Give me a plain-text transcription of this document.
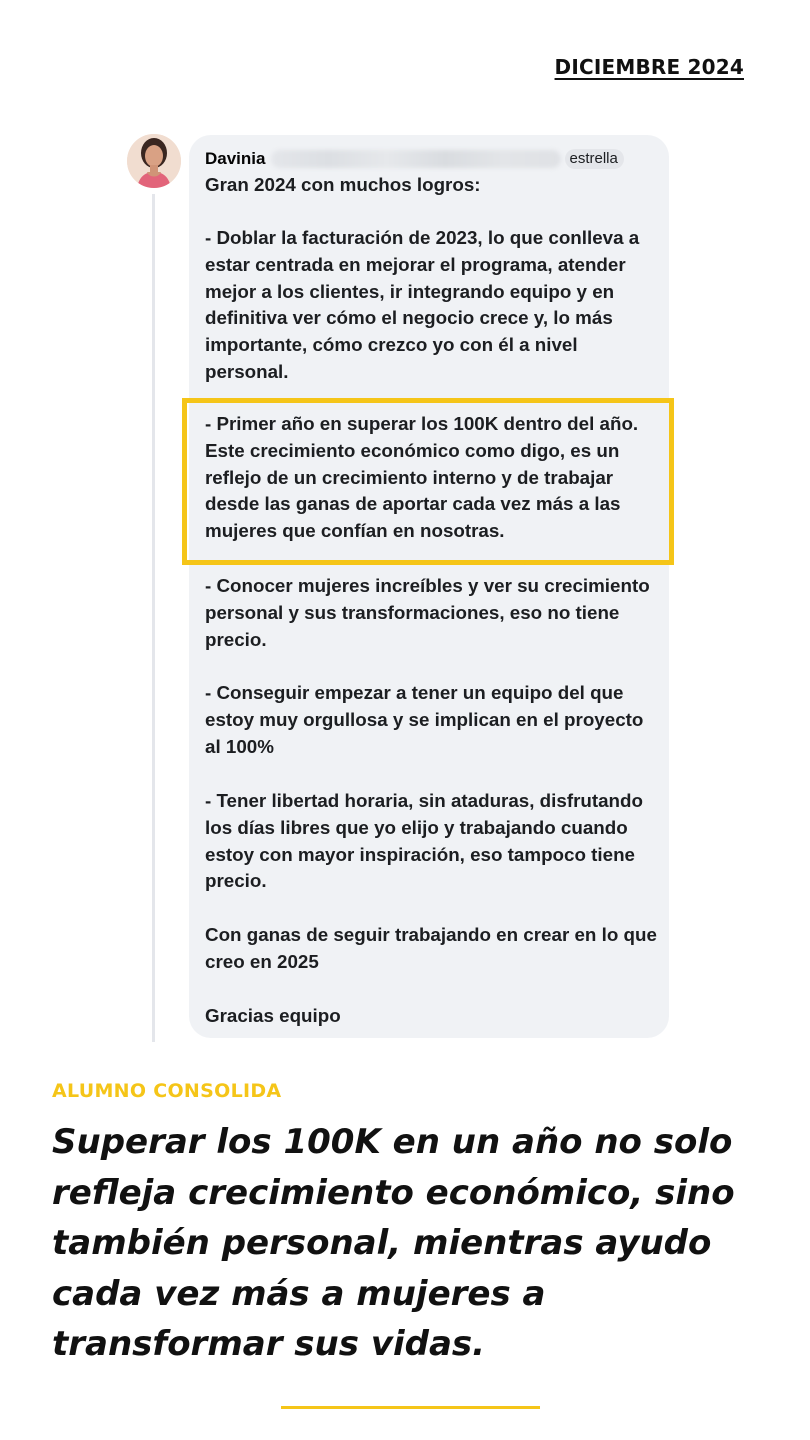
DICIEMBRE 2024
Davinia	estrella

Gran 2024 con muchos logros:

- Doblar la facturación de 2023, lo que conlleva a estar centrada en mejorar el programa, atender mejor a los clientes, ir integrando equipo y en definitiva ver cómo el negocio crece y, lo más importante, cómo crezco yo con él a nivel personal.

- Primer año en superar los 100K dentro del año. Este crecimiento económico como digo, es un reflejo de un crecimiento interno y de trabajar desde las ganas de aportar cada vez más a las mujeres que confían en nosotras.

- Conocer mujeres increíbles y ver su crecimiento personal y sus transformaciones, eso no tiene precio.

- Conseguir empezar a tener un equipo del que estoy muy orgullosa y se implican en el proyecto al 100%

- Tener libertad horaria, sin ataduras, disfrutando los días libres que yo elijo y trabajando cuando estoy con mayor inspiración, eso tampoco tiene precio.

Con ganas de seguir trabajando en crear en lo que creo en 2025

Gracias equipo

ALUMNO CONSOLIDA

Superar los 100K en un año no solo refleja crecimiento económico, sino también personal, mientras ayudo cada vez más a mujeres a transformar sus vidas.
